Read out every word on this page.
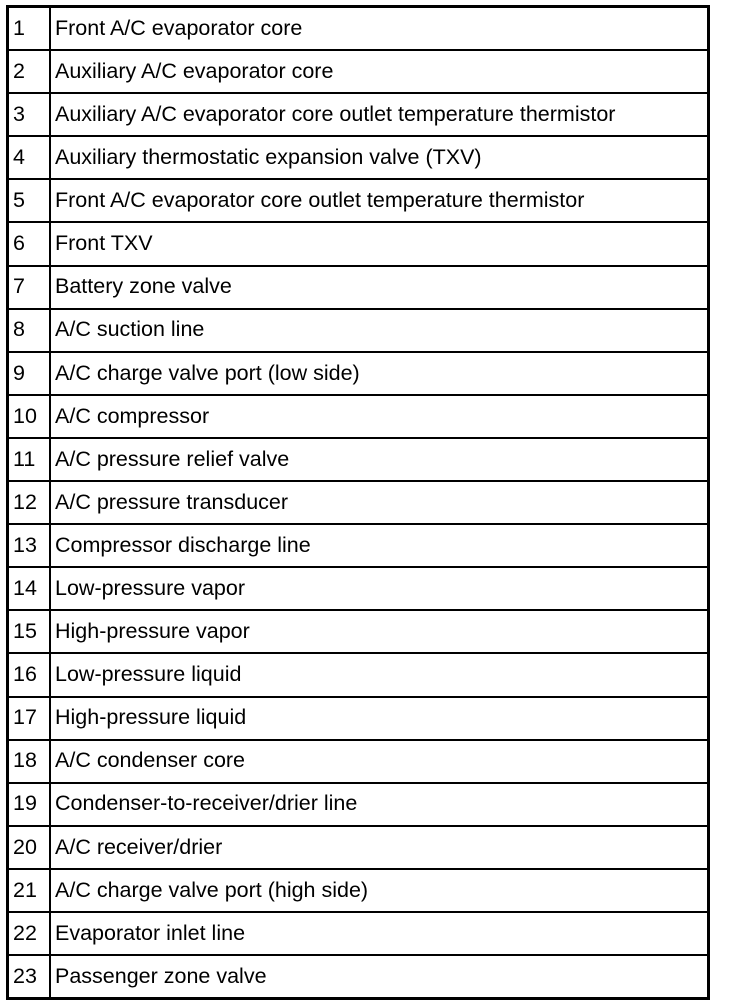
1	Front A/C evaporator core
2	Auxiliary A/C evaporator core
3	Auxiliary A/C evaporator core outlet temperature thermistor
4	Auxiliary thermostatic expansion valve (TXV)
5	Front A/C evaporator core outlet temperature thermistor
6	Front TXV
7	Battery zone valve
8	A/C suction line
9	A/C charge valve port (low side)
10	A/C compressor
11	A/C pressure relief valve
12	A/C pressure transducer
13	Compressor discharge line
14	Low-pressure vapor
15	High-pressure vapor
16	Low-pressure liquid
17	High-pressure liquid
18	A/C condenser core
19	Condenser-to-receiver/drier line
20	A/C receiver/drier
21	A/C charge valve port (high side)
22	Evaporator inlet line
23	Passenger zone valve
